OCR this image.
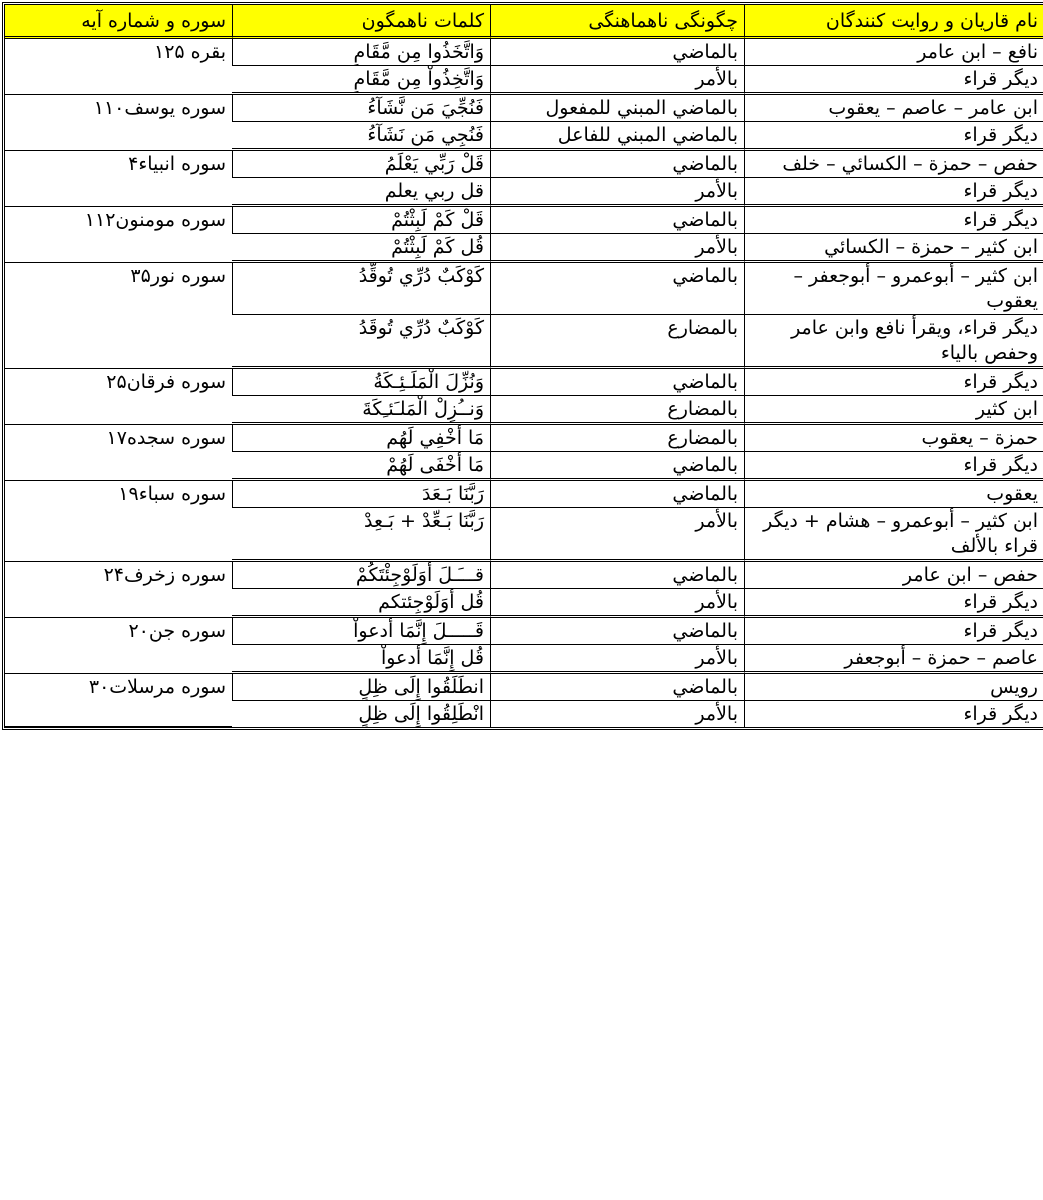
نام قاریان و روایت کنندگان	چگونگی ناهماهنگی	کلمات ناهمگون	سوره و شماره آیه
نافع – ابن عامر	بالماضي	وَاتَّخَذُوا مِن مَّقَامِ	بقره ۱۲۵
ديگر قراء	بالأمر	وَاتَّخِذُواْ مِن مَّقَامِ	
ابن عامر – عاصم – يعقوب	بالماضي المبني للمفعول	فَنُجِّيَ مَن نَّشَآءُ	سوره يوسف۱۱۰
ديگر قراء	بالماضي المبني للفاعل	فَنُجِي مَن نَشَآءُ	
حفص – حمزة – الكسائي – خلف	بالماضي	قَلْ رَبِّي يَعْلَمُ	سوره انبياء۴
ديگر قراء	بالأمر	قل ربي يعلم	
ديگر قراء	بالماضي	قَلْ كَمْ لَبِثْتُمْ	سوره مومنون۱۱۲
ابن كثير – حمزة – الكسائي	بالأمر	قُل كَمْ لَبِثْتُمْ	
ابن كثير – أبوعمرو – أبوجعفر – يعقوب	بالماضي	كَوْكَبٌ دُرِّي تُوقِّدُ	سوره نور۳۵
ديگر قراء، ويقرأ نافع وابن عامر وحفص بالياء	بالمضارع	كَوْكَبٌ دُرِّي تُوقَدُ	
ديگر قراء	بالماضي	وَنُزِّلَ الْمَلَـئِـكَةُ	سوره فرقان۲۵
ابن كثير	بالمضارع	وَنــُزِلْ الْمَلـَئـِكَةَ	
حمزة – يعقوب	بالمضارع	مَا أُخْفِي لَهُم	سوره سجده۱۷
ديگر قراء	بالماضي	مَا أُخْفَى لَهُمْ	
يعقوب	بالماضي	رَبَّنَا بَـعَدَ	سوره سباء۱۹
ابن كثير – أبوعمرو – هشام + ديگر قراء بالألف	بالأمر	رَبَّنَا بَـعِّدْ + بَـعِدْ	
حفص – ابن عامر	بالماضي	قـــَـلَ أَوَلَوْجِئْتَكُمْ	سوره زخرف۲۴
ديگر قراء	بالأمر	قُل أَوَلَوْجِئتكم	
ديگر قراء	بالماضي	قَـــــلَ إِنَّمَا أدعواْ	سوره جن۲۰
عاصم – حمزة – أبوجعفر	بالأمر	قُل إِنَّمَا أدعواْ	
رويس	بالماضي	انطَلَقُوا إِلَى ظِلٍ	سوره مرسلات۳۰
ديگر قراء	بالأمر	انْطَلِقُوا إِلَى ظِلٍ	
